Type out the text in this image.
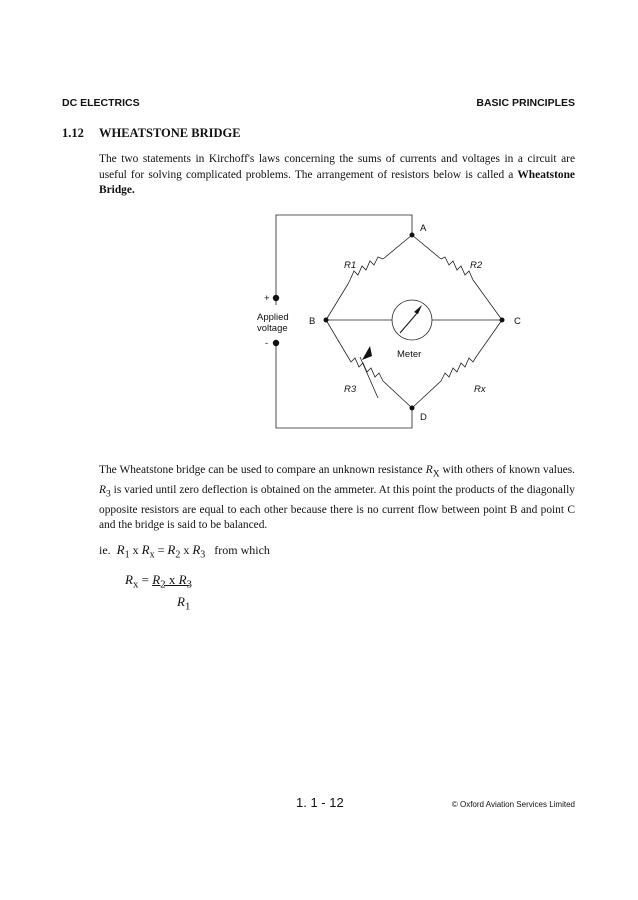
DC ELECTRICS	BASIC PRINCIPLES
1.12 WHEATSTONE BRIDGE

The two statements in Kirchoff's laws concerning the sums of currents and voltages in a circuit are useful for solving complicated problems. The arrangement of resistors below is called a Wheatstone Bridge.

A
B	C
D
R1	R2
R3	Rx
Meter
+
-
Applied
voltage

The Wheatstone bridge can be used to compare an unknown resistance $R_X$ with others of known values. $R_3$ is varied until zero deflection is obtained on the ammeter. At this point the products of the diagonally opposite resistors are equal to each other because there is no current flow between point B and point C and the bridge is said to be balanced.

ie. $R_1$ x $R_x = R_2$ x $R_3$ from which
$R_x = R_2$ x $R_3$
$R_1$
1. 1 - 12	© Oxford Aviation Services Limited
